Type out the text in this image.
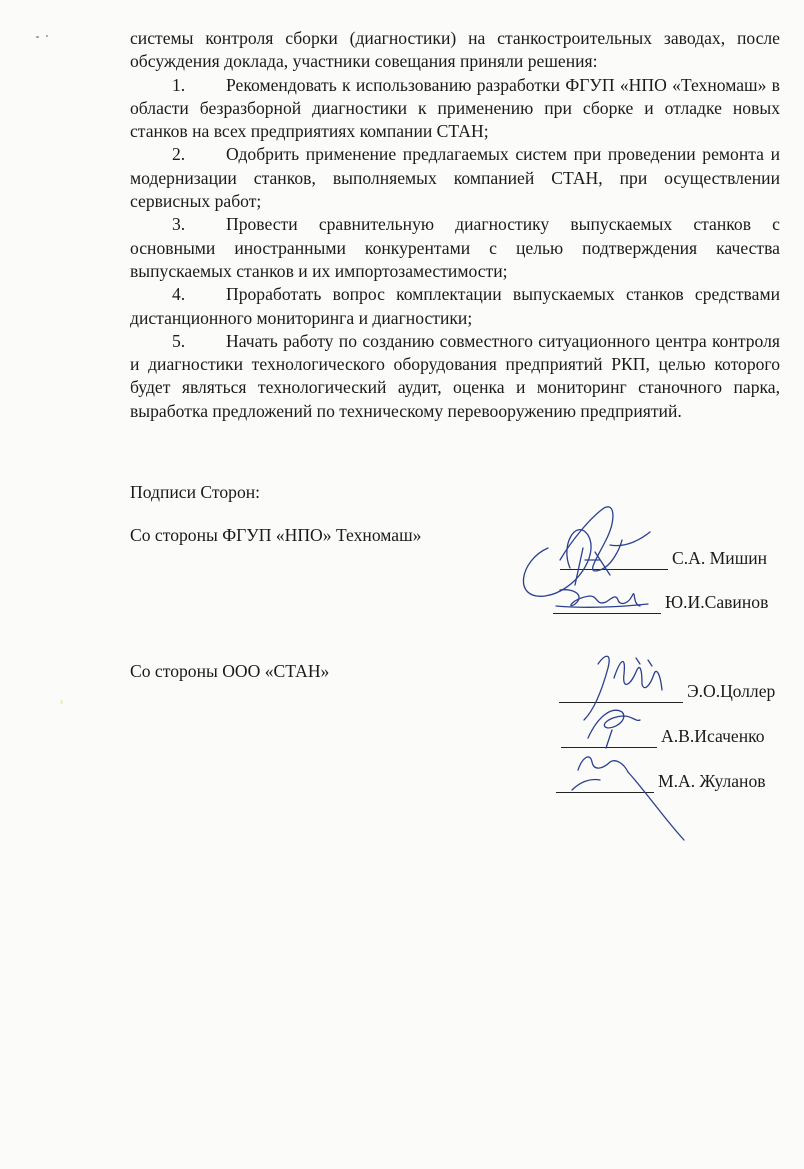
системы контроля сборки (диагностики) на станкостроительных заводах, после обсуждения доклада, участники совещания приняли решения:

1. Рекомендовать к использованию разработки ФГУП «НПО «Техномаш» в области безразборной диагностики к применению при сборке и отладке новых станков на всех предприятиях компании СТАН;
2. Одобрить применение предлагаемых систем при проведении ремонта и модернизации станков, выполняемых компанией СТАН, при осуществлении сервисных работ;
3. Провести сравнительную диагностику выпускаемых станков с основными иностранными конкурентами с целью подтверждения качества выпускаемых станков и их импортозаместимости;
4. Проработать вопрос комплектации выпускаемых станков средствами дистанционного мониторинга и диагностики;
5. Начать работу по созданию совместного ситуационного центра контроля и диагностики технологического оборудования предприятий РКП, целью которого будет являться технологический аудит, оценка и мониторинг станочного парка, выработка предложений по техническому перевооружению предприятий.
Подписи Сторон:
Со стороны ФГУП «НПО» Техномаш»
С.А. Мишин
Ю.И.Савинов
Со стороны ООО «СТАН»
Э.О.Цоллер
А.В.Исаченко
М.А. Жуланов
